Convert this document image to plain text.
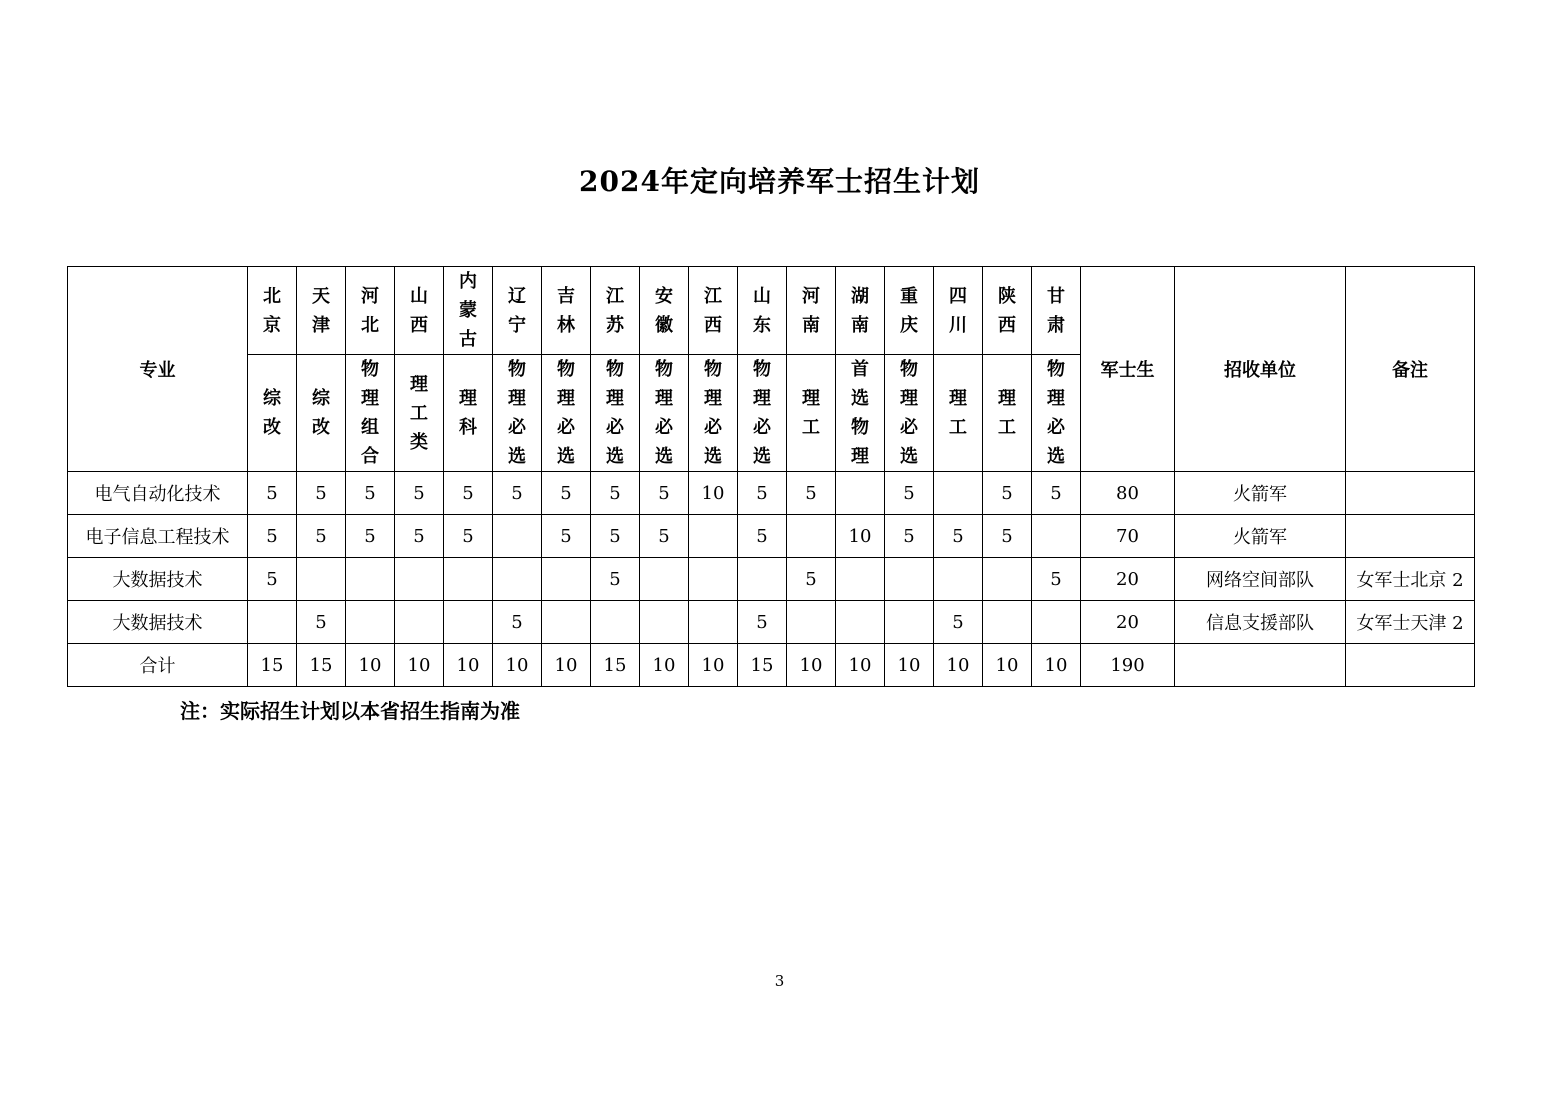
2024年定向培养军士招生计划
专业	北京	天津	河北	山西	内蒙古	辽宁	吉林	江苏	安徽	江西	山东	河南	湖南	重庆	四川	陕西	甘肃	军士生	招收单位	备注
	综改	综改	物理组合	理工类	理科	物理必选	物理必选	物理必选	物理必选	物理必选	物理必选	理工	首选物理	物理必选	理工	理工	物理必选			
电气自动化技术	5	5	5	5	5	5	5	5	5	10	5	5		5		5	5	80	火箭军	
电子信息工程技术	5	5	5	5	5		5	5	5		5		10	5	5	5		70	火箭军	
大数据技术	5							5				5					5	20	网络空间部队	女军士北京 2
大数据技术		5				5					5				5			20	信息支援部队	女军士天津 2
合计	15	15	10	10	10	10	10	15	10	10	15	10	10	10	10	10	10	190		
注：实际招生计划以本省招生指南为准
3
